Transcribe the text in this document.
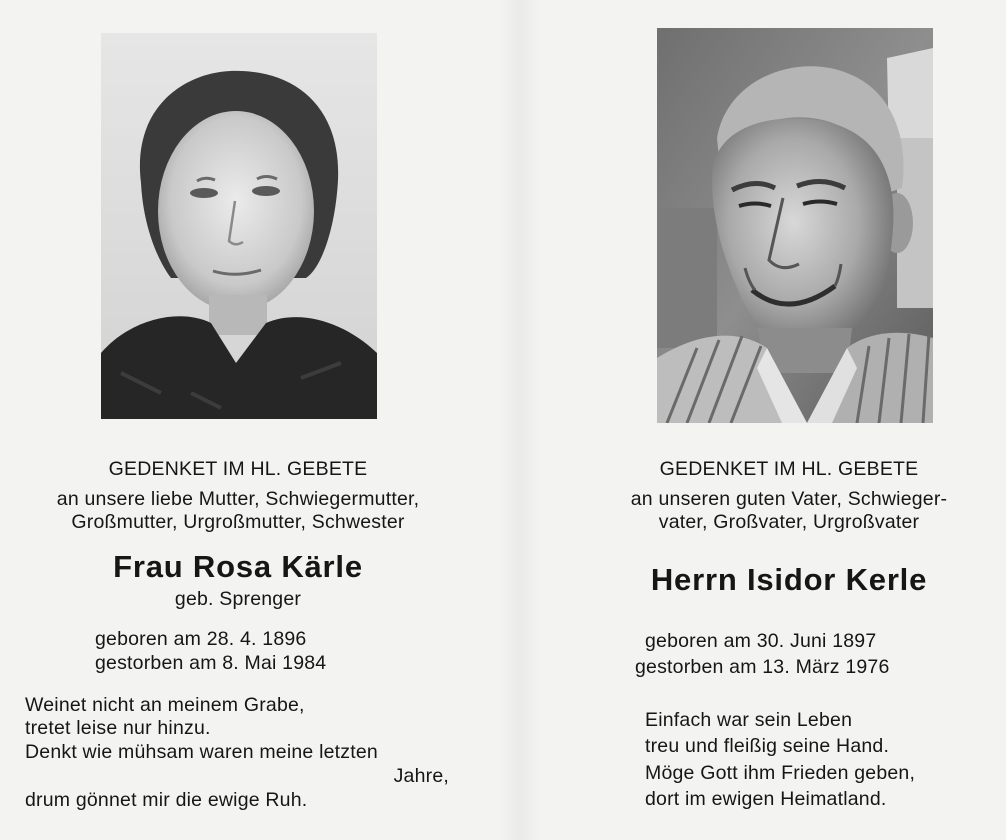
GEDENKET IM HL. GEBETE
an unsere liebe Mutter, Schwiegermutter,
Großmutter, Urgroßmutter, Schwester
Frau Rosa Kärle
geb. Sprenger
geboren am 28. 4. 1896
gestorben am 8. Mai 1984
Weinet nicht an meinem Grabe,
tretet leise nur hinzu.
Denkt wie mühsam waren meine letzten
Jahre,
drum gönnet mir die ewige Ruh.
GEDENKET IM HL. GEBETE
an unseren guten Vater, Schwieger-
vater, Großvater, Urgroßvater
Herrn Isidor Kerle
geboren am 30. Juni 1897
gestorben am 13. März 1976
Einfach war sein Leben
treu und fleißig seine Hand.
Möge Gott ihm Frieden geben,
dort im ewigen Heimatland.
